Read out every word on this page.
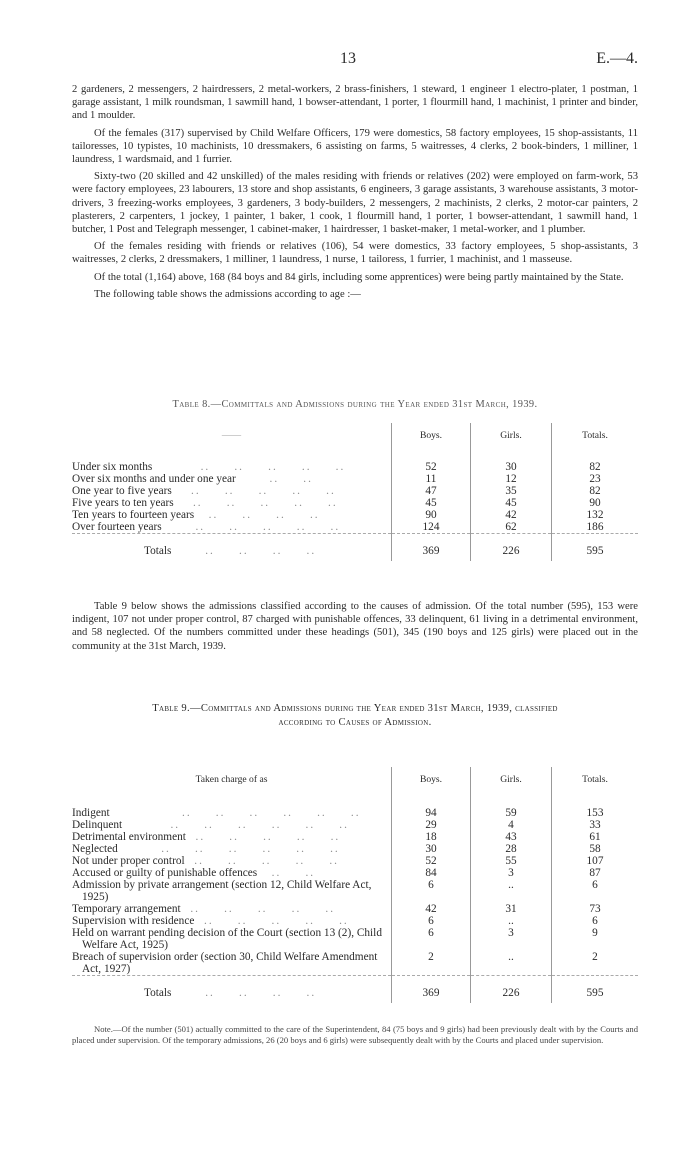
13	E.—4.

2 gardeners, 2 messengers, 2 hairdressers, 2 metal-workers, 2 brass-finishers, 1 steward, 1 engineer 1 electro-plater, 1 postman, 1 garage assistant, 1 milk roundsman, 1 sawmill hand, 1 bowser-attendant, 1 porter, 1 flourmill hand, 1 machinist, 1 printer and binder, and 1 moulder.

Of the females (317) supervised by Child Welfare Officers, 179 were domestics, 58 factory employees, 15 shop-assistants, 11 tailoresses, 10 typistes, 10 machinists, 10 dressmakers, 6 assisting on farms, 5 waitresses, 4 clerks, 2 book-binders, 1 milliner, 1 laundress, 1 wardsmaid, and 1 furrier.

Sixty-two (20 skilled and 42 unskilled) of the males residing with friends or relatives (202) were employed on farm-work, 53 were factory employees, 23 labourers, 13 store and shop assistants, 6 engineers, 3 garage assistants, 3 warehouse assistants, 3 motor-drivers, 3 freezing-works employees, 3 gardeners, 3 body-builders, 2 messengers, 2 machinists, 2 clerks, 2 motor-car painters, 2 plasterers, 2 carpenters, 1 jockey, 1 painter, 1 baker, 1 cook, 1 flourmill hand, 1 porter, 1 bowser-attendant, 1 sawmill hand, 1 butcher, 1 Post and Telegraph messenger, 1 cabinet-maker, 1 hairdresser, 1 basket-maker, 1 metal-worker, and 1 plumber.

Of the females residing with friends or relatives (106), 54 were domestics, 33 factory employees, 5 shop-assistants, 3 waitresses, 2 clerks, 2 dressmakers, 1 milliner, 1 laundress, 1 nurse, 1 tailoress, 1 furrier, 1 machinist, and 1 masseuse.

Of the total (1,164) above, 168 (84 boys and 84 girls, including some apprentices) were being partly maintained by the State.

The following table shows the admissions according to age :—

Table 8.—Committals and Admissions during the Year ended 31st March, 1939.
——	Boys.	Girls.	Totals.

Under six months          ..     ..     ..     ..     ..	52	30	82
Over six months and under one year       ..     ..	11	12	23
One year to five years    ..     ..     ..     ..     ..	47	35	82
Five years to ten years    ..     ..     ..     ..     ..	45	45	90
Ten years to fourteen years   ..     ..     ..     ..	90	42	132
Over fourteen years       ..     ..     ..     ..     ..	124	62	186
Totals       ..     ..     ..     ..	369	226	595

Table 9 below shows the admissions classified according to the causes of admission. Of the total number (595), 153 were indigent, 107 not under proper control, 87 charged with punishable offences, 33 delinquent, 61 living in a detrimental environment, and 58 neglected. Of the numbers committed under these headings (501), 345 (190 boys and 125 girls) were placed out in the community at the 31st March, 1939.

Table 9.—Committals and Admissions during the Year ended 31st March, 1939, classified
according to Causes of Admission.
Taken charge of as	Boys.	Girls.	Totals.

Indigent               ..     ..     ..     ..     ..     ..	94	59	153
Delinquent          ..     ..     ..     ..     ..     ..	29	4	33
Detrimental environment  ..     ..     ..     ..     ..	18	43	61
Neglected         ..     ..     ..     ..     ..     ..	30	28	58
Not under proper control  ..     ..     ..     ..     ..	52	55	107
Accused or guilty of punishable offences   ..     ..	84	3	87
Admission by private arrangement (section 12, Child Welfare Act, 1925)	6	..	6
Temporary arrangement  ..     ..     ..     ..     ..	42	31	73
Supervision with residence  ..     ..     ..     ..     ..	6	..	6
Held on warrant pending decision of the Court (section 13 (2), Child Welfare Act, 1925)	6	3	9
Breach of supervision order (section 30, Child Welfare Amendment Act, 1927)	2	..	2
Totals       ..     ..     ..     ..	369	226	595

Note.—Of the number (501) actually committed to the care of the Superintendent, 84 (75 boys and 9 girls) had been previously dealt with by the Courts and placed under supervision. Of the temporary admissions, 26 (20 boys and 6 girls) were subsequently dealt with by the Courts and placed under supervision.
